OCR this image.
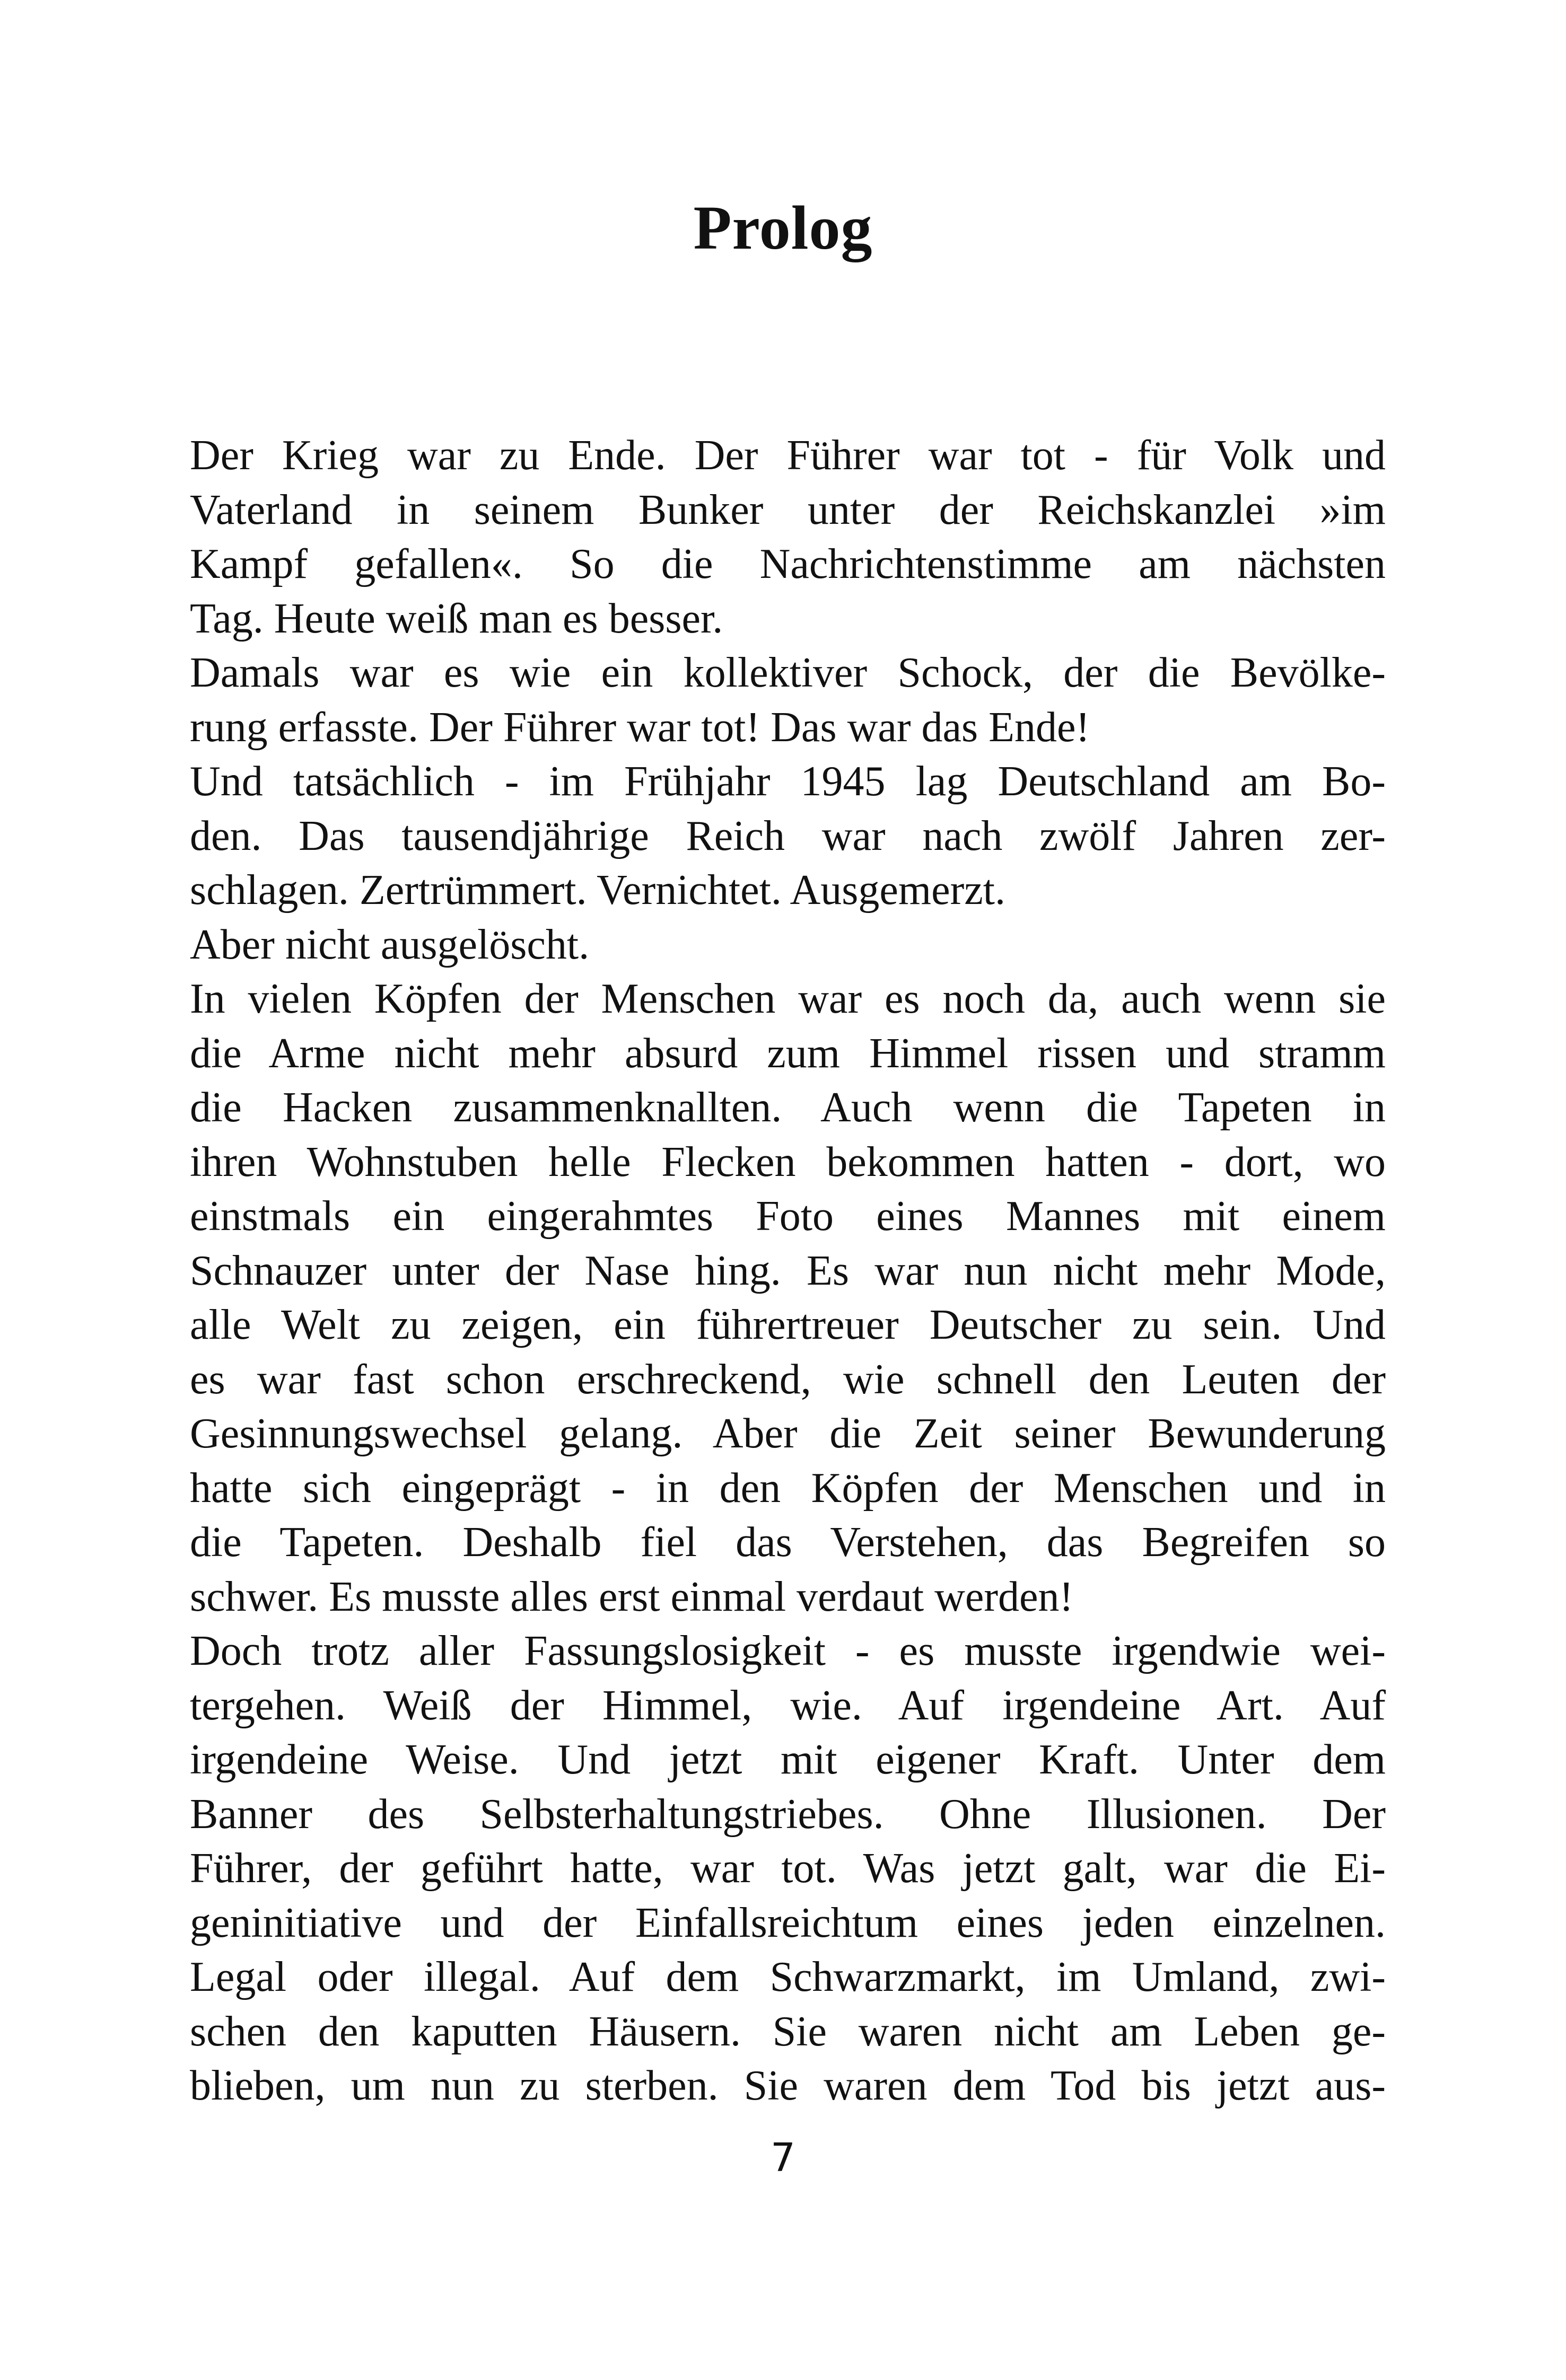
Prolog
Der Krieg war zu Ende. Der Führer war tot - für Volk und
Vaterland in seinem Bunker unter der Reichskanzlei »im
Kampf gefallen«. So die Nachrichtenstimme am nächsten
Tag. Heute weiß man es besser.
Damals war es wie ein kollektiver Schock, der die Bevölke-
rung erfasste. Der Führer war tot! Das war das Ende!
Und tatsächlich - im Frühjahr 1945 lag Deutschland am Bo-
den. Das tausendjährige Reich war nach zwölf Jahren zer-
schlagen. Zertrümmert. Vernichtet. Ausgemerzt.
Aber nicht ausgelöscht.
In vielen Köpfen der Menschen war es noch da, auch wenn sie
die Arme nicht mehr absurd zum Himmel rissen und stramm
die Hacken zusammenknallten. Auch wenn die Tapeten in
ihren Wohnstuben helle Flecken bekommen hatten - dort, wo
einstmals ein eingerahmtes Foto eines Mannes mit einem
Schnauzer unter der Nase hing. Es war nun nicht mehr Mode,
alle Welt zu zeigen, ein führertreuer Deutscher zu sein. Und
es war fast schon erschreckend, wie schnell den Leuten der
Gesinnungswechsel gelang. Aber die Zeit seiner Bewunderung
hatte sich eingeprägt - in den Köpfen der Menschen und in
die Tapeten. Deshalb fiel das Verstehen, das Begreifen so
schwer. Es musste alles erst einmal verdaut werden!
Doch trotz aller Fassungslosigkeit - es musste irgendwie wei-
tergehen. Weiß der Himmel, wie. Auf irgendeine Art. Auf
irgendeine Weise. Und jetzt mit eigener Kraft. Unter dem
Banner des Selbsterhaltungstriebes. Ohne Illusionen. Der
Führer, der geführt hatte, war tot. Was jetzt galt, war die Ei-
geninitiative und der Einfallsreichtum eines jeden einzelnen.
Legal oder illegal. Auf dem Schwarzmarkt, im Umland, zwi-
schen den kaputten Häusern. Sie waren nicht am Leben ge-
blieben, um nun zu sterben. Sie waren dem Tod bis jetzt aus-
7
